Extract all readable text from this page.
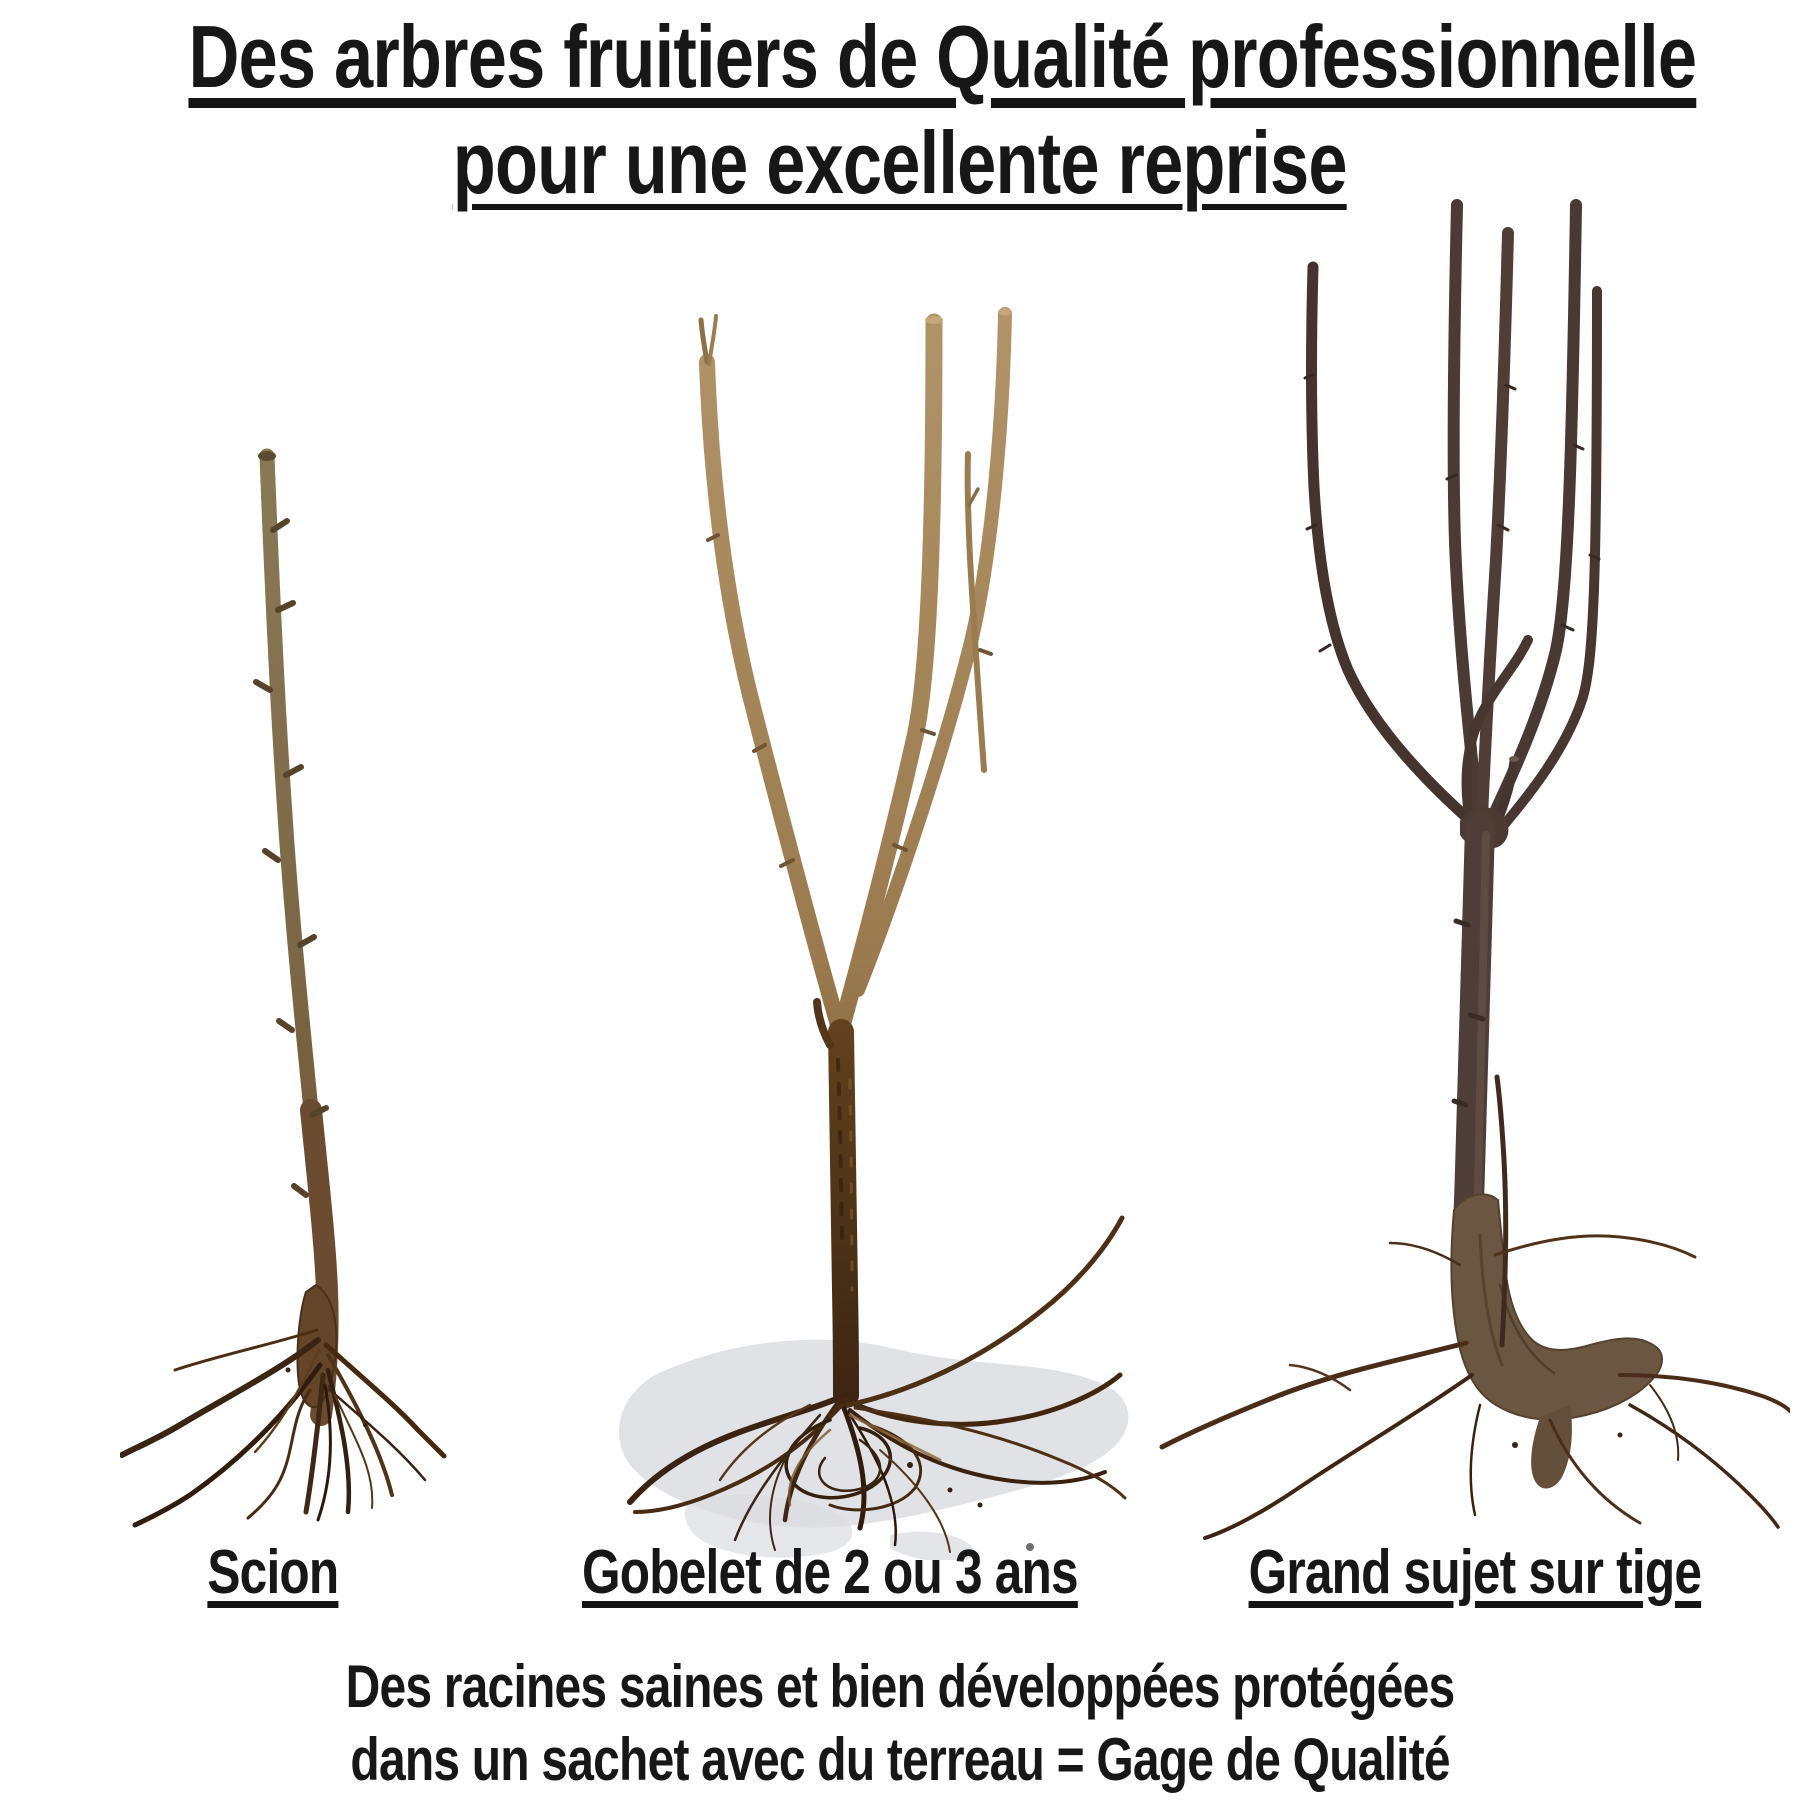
Des arbres fruitiers de Qualité professionnelle
pour une excellente reprise
Scion	Gobelet de 2 ou 3 ans	Grand sujet sur tige
Des racines saines et bien développées protégées
dans un sachet avec du terreau = Gage de Qualité
